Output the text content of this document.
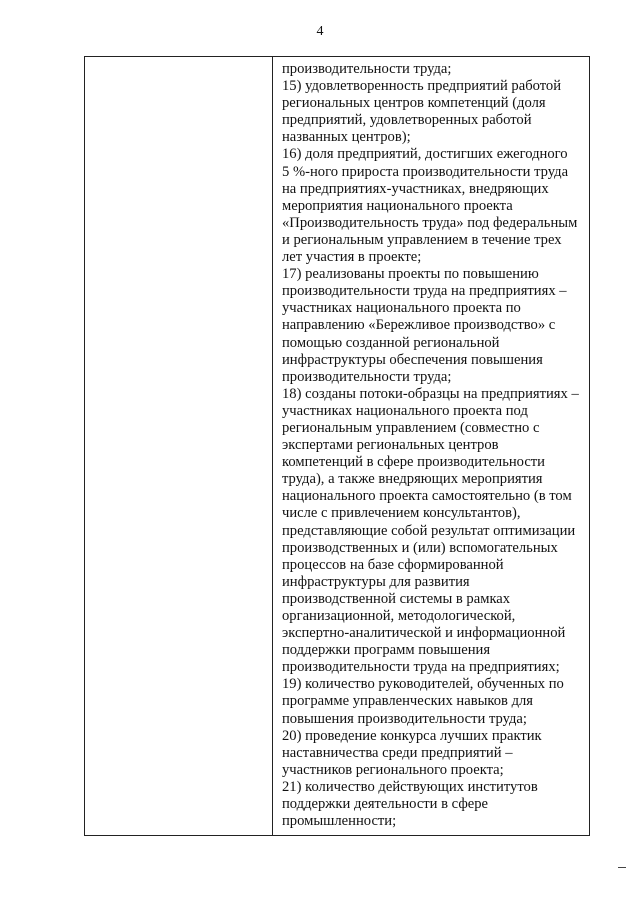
4
производительности труда;
15) удовлетворенность предприятий работой
региональных центров компетенций (доля
предприятий, удовлетворенных работой
названных центров);
16) доля предприятий, достигших ежегодного
5 %-ного прироста производительности труда
на предприятиях-участниках, внедряющих
мероприятия национального проекта
«Производительность труда» под федеральным
и региональным управлением в течение трех
лет участия в проекте;
17) реализованы проекты по повышению
производительности труда на предприятиях –
участниках национального проекта по
направлению «Бережливое производство» с
помощью созданной региональной
инфраструктуры обеспечения повышения
производительности труда;
18) созданы потоки-образцы на предприятиях –
участниках национального проекта под
региональным управлением (совместно с
экспертами региональных центров
компетенций в сфере производительности
труда), а также внедряющих мероприятия
национального проекта самостоятельно (в том
числе с привлечением консультантов),
представляющие собой результат оптимизации
производственных и (или) вспомогательных
процессов на базе сформированной
инфраструктуры для развития
производственной системы в рамках
организационной, методологической,
экспертно-аналитической и информационной
поддержки программ повышения
производительности труда на предприятиях;
19) количество руководителей, обученных по
программе управленческих навыков для
повышения производительности труда;
20) проведение конкурса лучших практик
наставничества среди предприятий –
участников регионального проекта;
21) количество действующих институтов
поддержки деятельности в сфере
промышленности;
